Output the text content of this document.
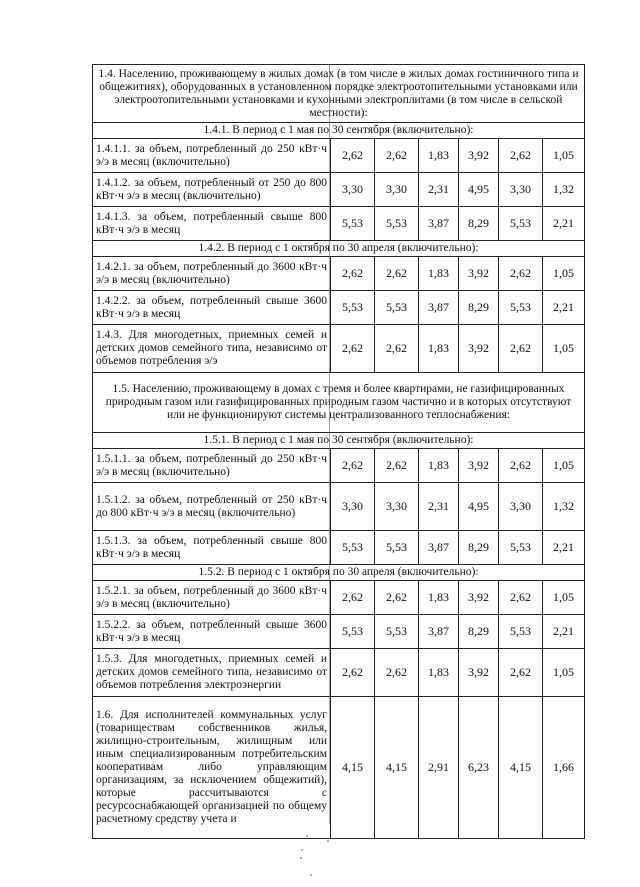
1.4. Населению, проживающему в жилых домах (в том числе в жилых домах гостиничного типа и общежитиях), оборудованных в установленном порядке электроотопительными установками или электроотопительными установками и кухонными электроплитами (в том числе в сельской местности):						
1.4.1. В период с 1 мая по 30 сентября (включительно):						
1.4.1.1. за объем, потребленный до 250 кВт·ч э/э в месяц (включительно)	2,62	2,62	1,83	3,92	2,62	1,05
1.4.1.2. за объем, потребленный от 250 до 800 кВт·ч э/э в месяц (включительно)	3,30	3,30	2,31	4,95	3,30	1,32
1.4.1.3. за объем, потребленный свыше 800 кВт·ч э/э в месяц	5,53	5,53	3,87	8,29	5,53	2,21
1.4.2. В период с 1 октября по 30 апреля (включительно):						
1.4.2.1. за объем, потребленный до 3600 кВт·ч э/э в месяц (включительно)	2,62	2,62	1,83	3,92	2,62	1,05
1.4.2.2. за объем, потребленный свыше 3600 кВт·ч э/э в месяц	5,53	5,53	3,87	8,29	5,53	2,21
1.4.3. Для многодетных, приемных семей и детских домов семейного типа, независимо от объемов потребления э/э	2,62	2,62	1,83	3,92	2,62	1,05
1.5. Населению, проживающему в домах с тремя и более квартирами, не газифицированных природным газом или газифицированных природным газом частично и в которых отсутствуют или не функционируют системы централизованного теплоснабжения:						
1.5.1. В период с 1 мая по 30 сентября (включительно):						
1.5.1.1. за объем, потребленный до 250 кВт·ч э/э в месяц (включительно)	2,62	2,62	1,83	3,92	2,62	1,05
1.5.1.2. за объем, потребленный от 250 кВт·ч до 800 кВт·ч э/э в месяц (включительно)	3,30	3,30	2,31	4,95	3,30	1,32
1.5.1.3. за объем, потребленный свыше 800 кВт·ч э/э в месяц	5,53	5,53	3,87	8,29	5,53	2,21
1.5.2. В период с 1 октября по 30 апреля (включительно):						
1.5.2.1. за объем, потребленный до 3600 кВт·ч э/э в месяц (включительно)	2,62	2,62	1,83	3,92	2,62	1,05
1.5.2.2. за объем, потребленный свыше 3600 кВт·ч э/э в месяц	5,53	5,53	3,87	8,29	5,53	2,21
1.5.3. Для многодетных, приемных семей и детских домов семейного типа, независимо от объемов потребления электроэнергии	2,62	2,62	1,83	3,92	2,62	1,05
1.6. Для исполнителей коммунальных услуг (товариществам собственников жилья, жилищно-строительным, жилищным или иным специализированным потребительским кооперативам либо управляющим организациям, за исключением общежитий), которые рассчитываются с ресурсоснабжающей организацией по общему расчетному средству учета и	4,15	4,15	2,91	6,23	4,15	1,66
